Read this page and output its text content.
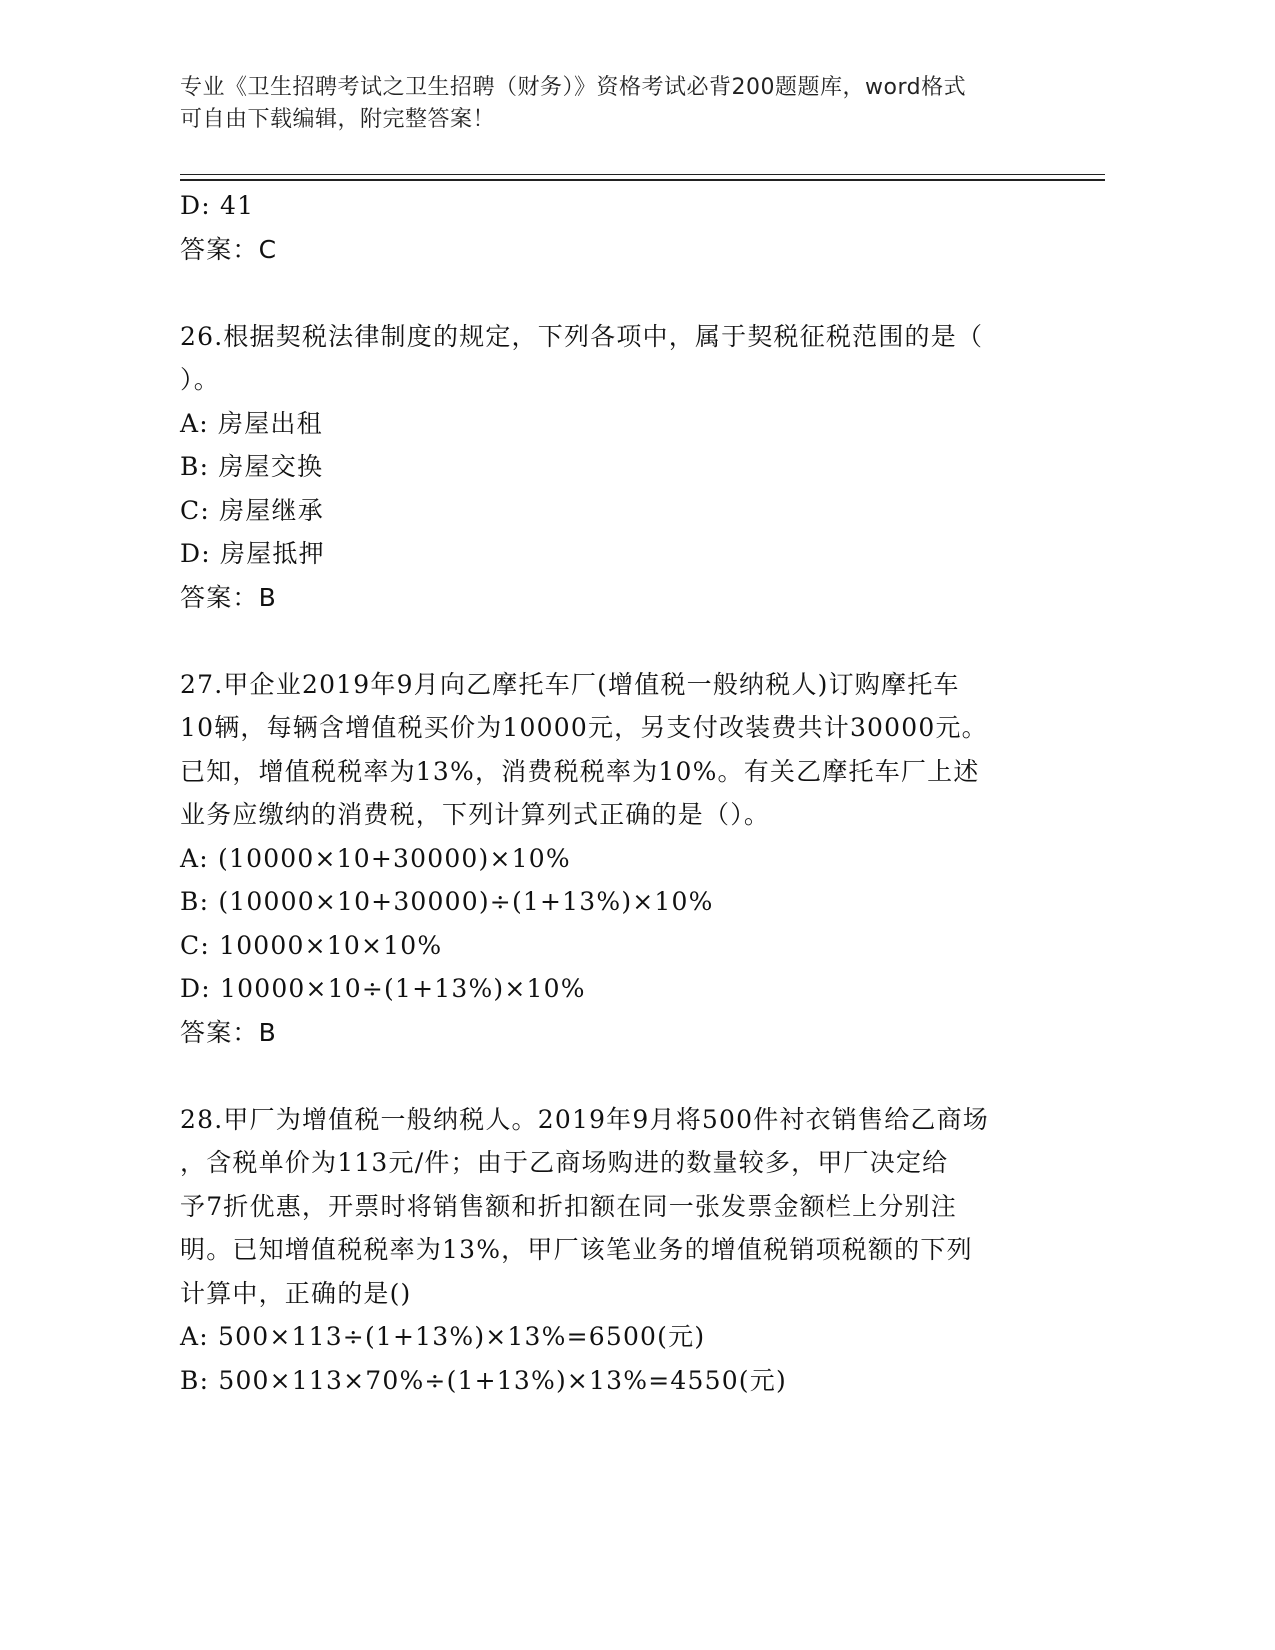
专业《卫生招聘考试之卫生招聘（财务）》资格考试必背200题题库，word格式
可自由下载编辑，附完整答案！
D: 41
答案：C
26.根据契税法律制度的规定，下列各项中，属于契税征税范围的是（
）。
A: 房屋出租
B: 房屋交换
C: 房屋继承
D: 房屋抵押
答案：B
27.甲企业2019年9月向乙摩托车厂(增值税一般纳税人)订购摩托车
10辆，每辆含增值税买价为10000元，另支付改装费共计30000元。
已知，增值税税率为13%，消费税税率为10%。有关乙摩托车厂上述
业务应缴纳的消费税，下列计算列式正确的是（）。
A: (10000×10+30000)×10%
B: (10000×10+30000)÷(1+13%)×10%
C: 10000×10×10%
D: 10000×10÷(1+13%)×10%
答案：B
28.甲厂为增值税一般纳税人。2019年9月将500件衬衣销售给乙商场
，含税单价为113元/件；由于乙商场购进的数量较多，甲厂决定给
予7折优惠，开票时将销售额和折扣额在同一张发票金额栏上分别注
明。已知增值税税率为13%，甲厂该笔业务的增值税销项税额的下列
计算中，正确的是()
A: 500×113÷(1+13%)×13%=6500(元)
B: 500×113×70%÷(1+13%)×13%=4550(元)
